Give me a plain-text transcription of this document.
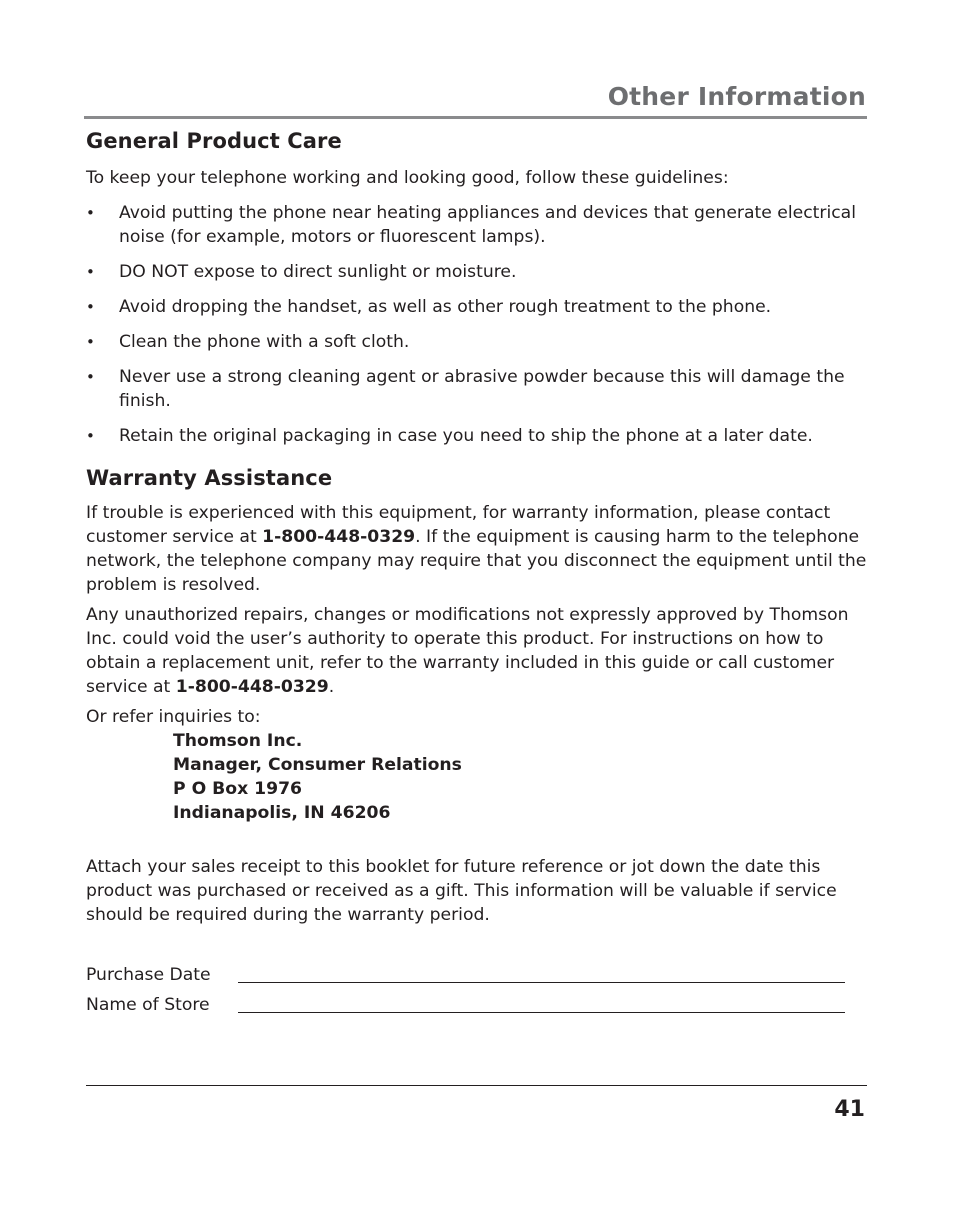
Other Information
General Product Care

To keep your telephone working and looking good, follow these guidelines:

• Avoid putting the phone near heating appliances and devices that generate electrical noise (for example, motors or fluorescent lamps).
• DO NOT expose to direct sunlight or moisture.
• Avoid dropping the handset, as well as other rough treatment to the phone.
• Clean the phone with a soft cloth.
• Never use a strong cleaning agent or abrasive powder because this will damage the finish.
• Retain the original packaging in case you need to ship the phone at a later date.
Warranty Assistance

If trouble is experienced with this equipment, for warranty information, please contact customer service at 1-800-448-0329. If the equipment is causing harm to the telephone network, the telephone company may require that you disconnect the equipment until the problem is resolved.

Any unauthorized repairs, changes or modifications not expressly approved by Thomson Inc. could void the user’s authority to operate this product. For instructions on how to obtain a replacement unit, refer to the warranty included in this guide or call customer service at 1-800-448-0329.

Or refer inquiries to:

Thomson Inc.
Manager, Consumer Relations
P O Box 1976
Indianapolis, IN 46206

Attach your sales receipt to this booklet for future reference or jot down the date this product was purchased or received as a gift. This information will be valuable if service should be required during the warranty period.

Purchase Date
Name of Store
41
